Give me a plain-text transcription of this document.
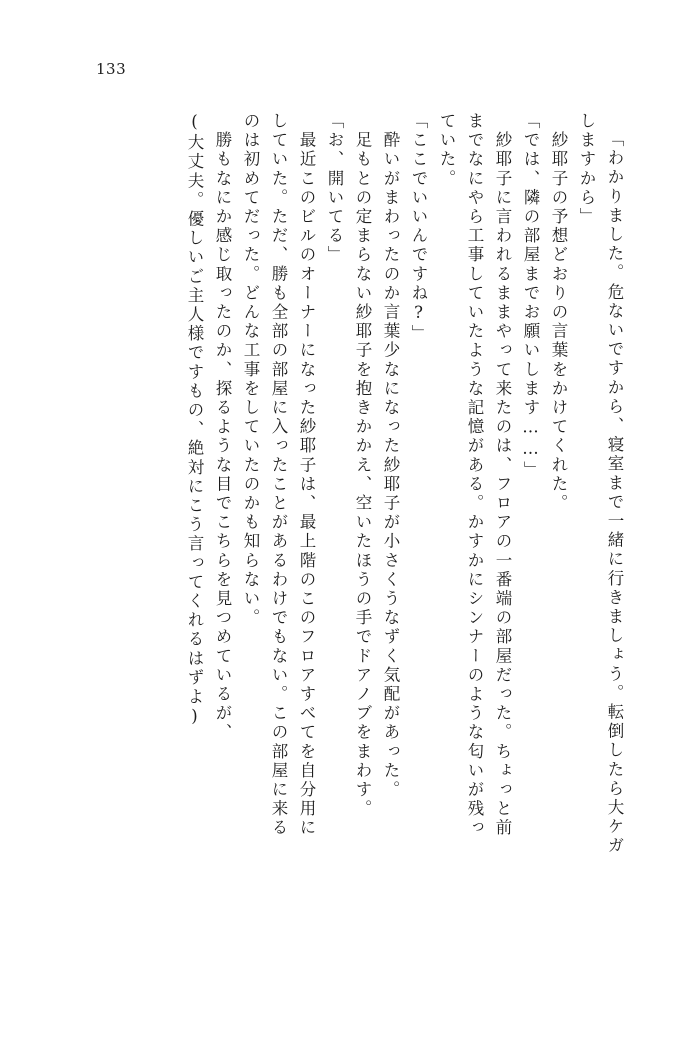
133
「わかりました。危ないですから、寝室まで一緒に行きましょう。転倒したら大ケガ
しますから」
　紗耶子の予想どおりの言葉をかけてくれた。
「では、隣の部屋までお願いします……」
　紗耶子に言われるままやって来たのは、フロアの一番端の部屋だった。ちょっと前
までなにやら工事していたような記憶がある。かすかにシンナーのような匂いが残っ
ていた。
「ここでいいんですね?」
　酔いがまわったのか言葉少なになった紗耶子が小さくうなずく気配があった。
　足もとの定まらない紗耶子を抱きかかえ、空いたほうの手でドアノブをまわす。
「お、開いてる」
　最近このビルのオーナーになった紗耶子は、最上階のこのフロアすべてを自分用に
していた。ただ、勝も全部の部屋に入ったことがあるわけでもない。この部屋に来る
のは初めてだった。どんな工事をしていたのかも知らない。
　勝もなにか感じ取ったのか、探るような目でこちらを見つめているが、
(大丈夫。優しいご主人様ですもの、絶対にこう言ってくれるはずよ)
